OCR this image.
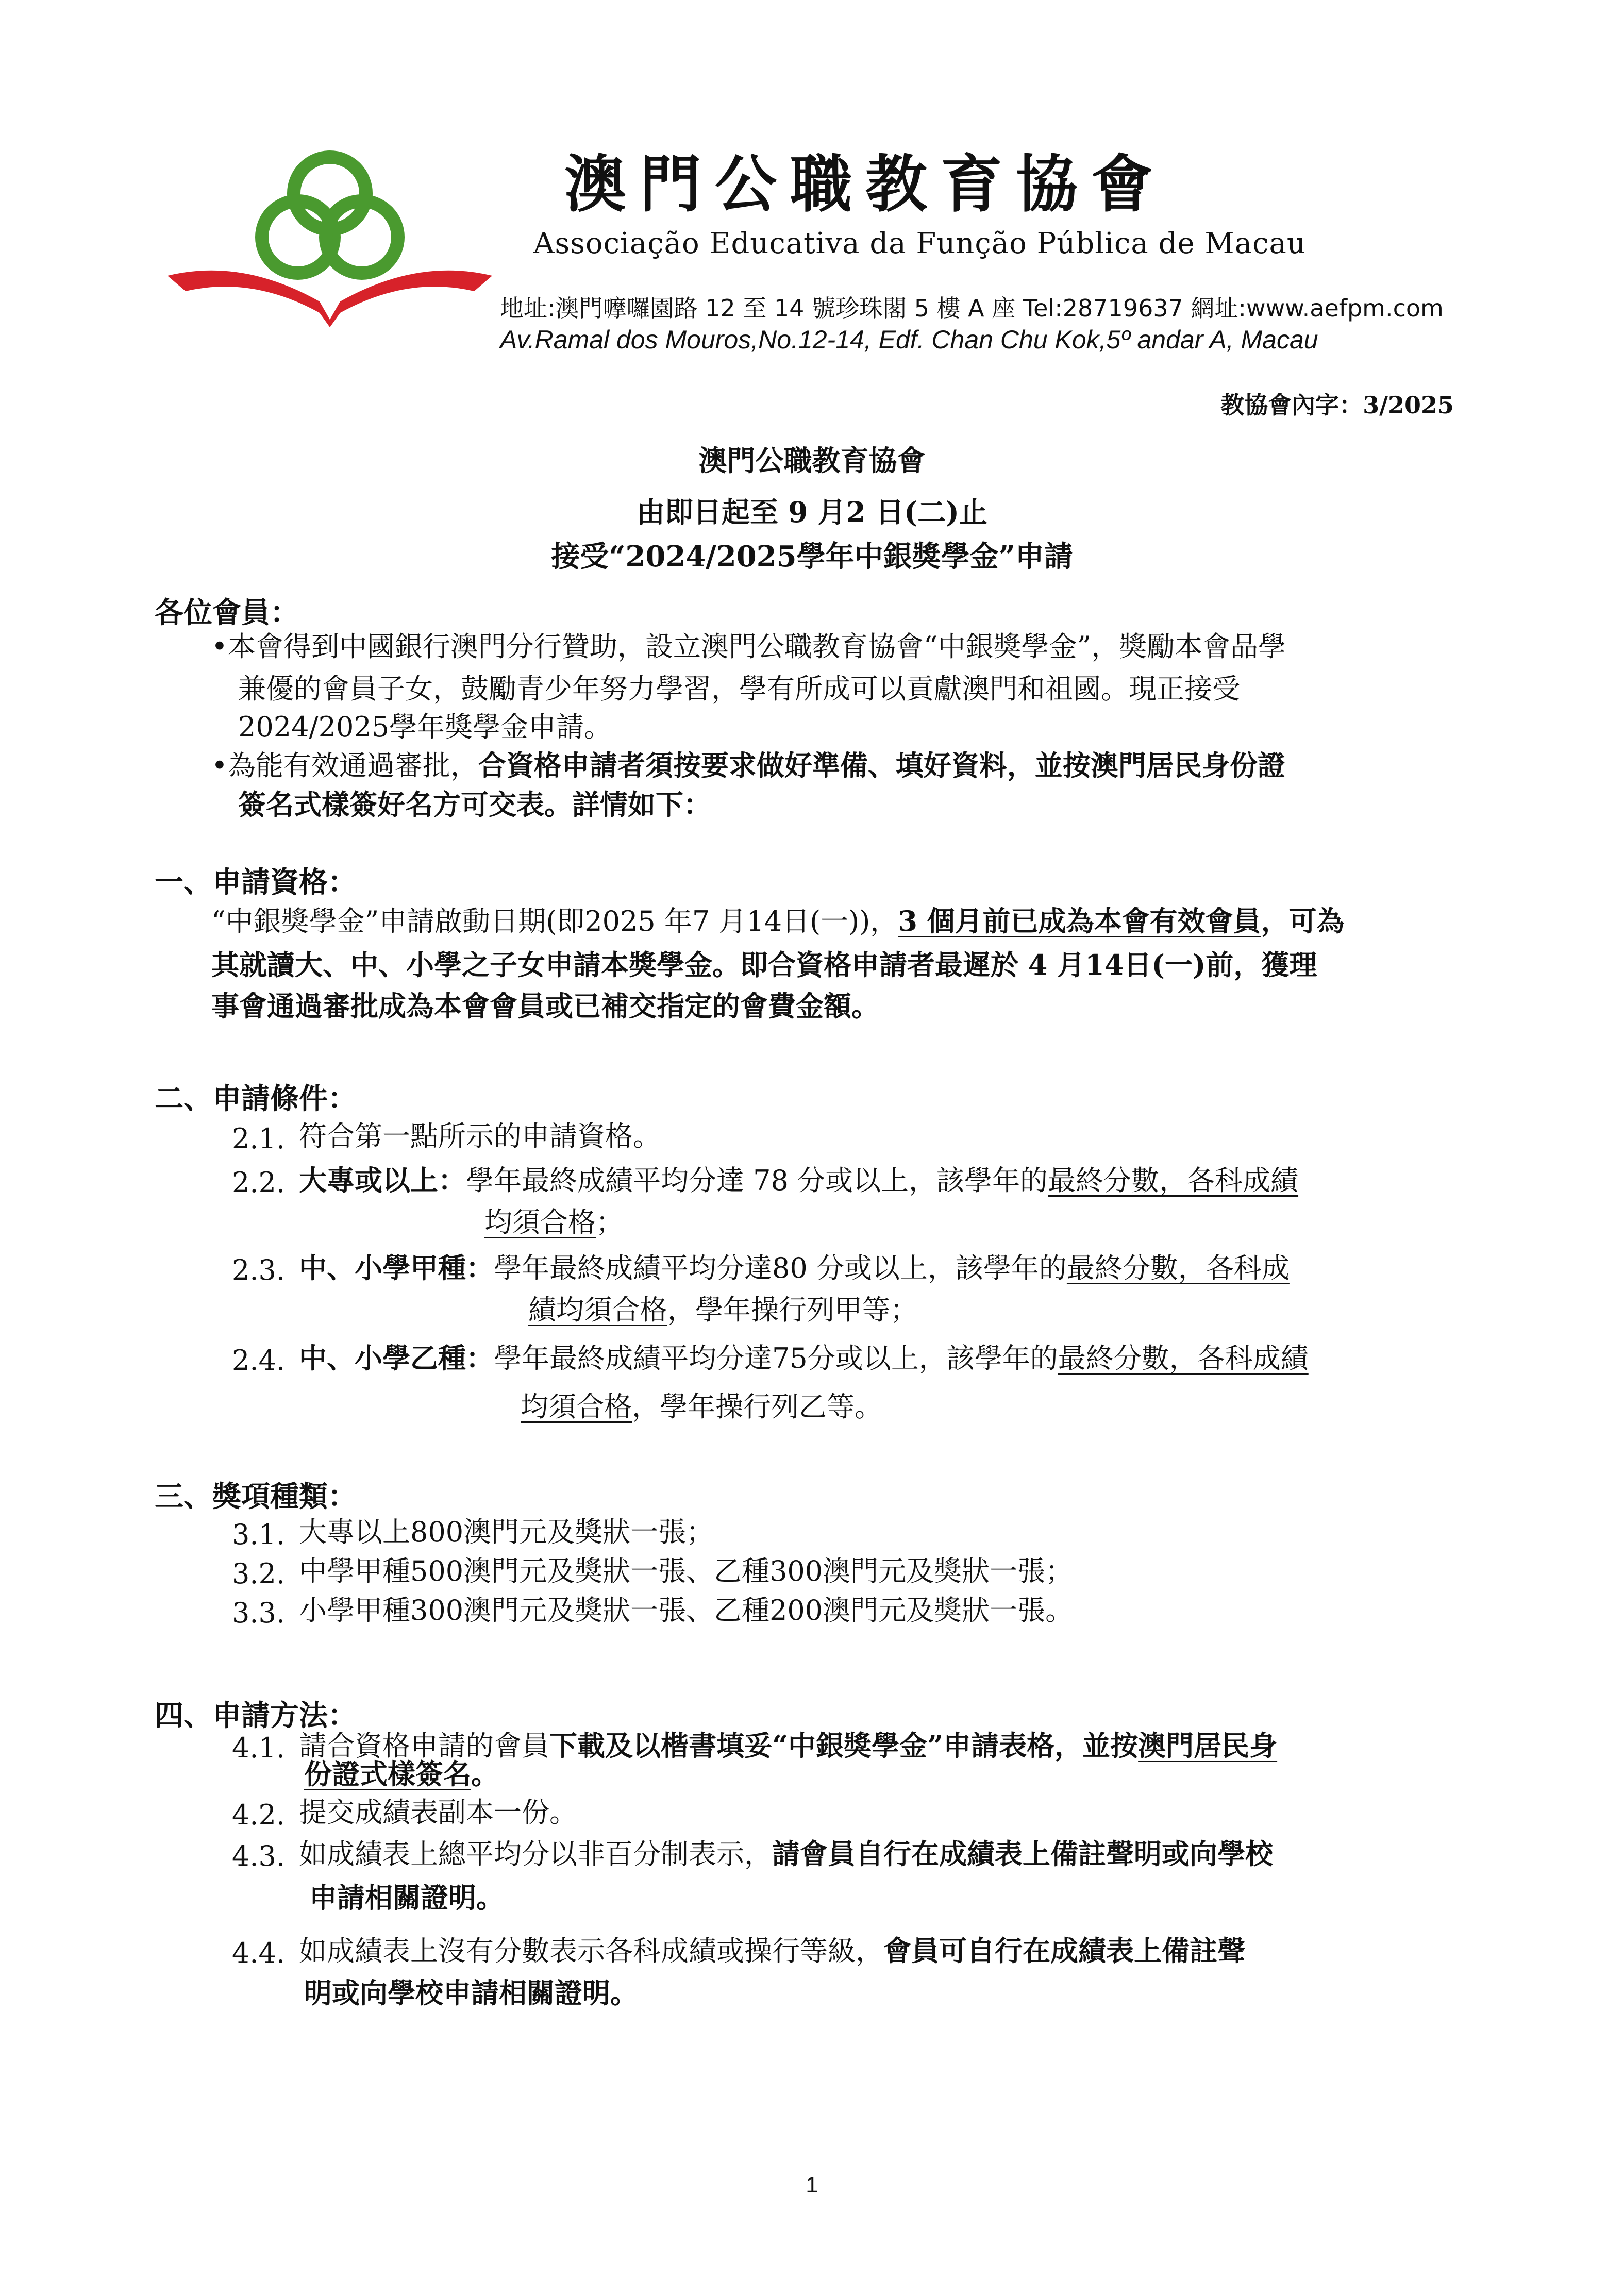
澳門公職教育協會
Associação Educativa da Função Pública de Macau
地址:澳門嚤囉園路 12 至 14 號珍珠閣 5 樓 A 座 Tel:28719637 網址:www.aefpm.com
Av.Ramal dos Mouros,No.12-14, Edf. Chan Chu Kok,5º andar A, Macau
教協會內字：3/2025
澳門公職教育協會
由即日起至 9 月2 日(二)止
接受“2024/2025學年中銀獎學金”申請
各位會員：
•本會得到中國銀行澳門分行贊助，設立澳門公職教育協會“中銀獎學金”，獎勵本會品學
兼優的會員子女，鼓勵青少年努力學習，學有所成可以貢獻澳門和祖國。現正接受
2024/2025學年獎學金申請。
•為能有效通過審批，合資格申請者須按要求做好準備、填好資料，並按澳門居民身份證
簽名式樣簽好名方可交表。詳情如下：
一、申請資格：
“中銀獎學金”申請啟動日期(即2025 年7 月14日(一))，3 個月前已成為本會有效會員，可為
其就讀大、中、小學之子女申請本獎學金。即合資格申請者最遲於 4 月14日(一)前，獲理
事會通過審批成為本會會員或已補交指定的會費金額。
二、申請條件：
2.1. 符合第一點所示的申請資格。
2.2. 大專或以上：學年最終成績平均分達 78 分或以上，該學年的最終分數，各科成績
均須合格；
2.3. 中、小學甲種：學年最終成績平均分達80 分或以上，該學年的最終分數，各科成
績均須合格，學年操行列甲等；
2.4. 中、小學乙種：學年最終成績平均分達75分或以上，該學年的最終分數，各科成績
均須合格，學年操行列乙等。
三、獎項種類：
3.1. 大專以上800澳門元及獎狀一張；
3.2. 中學甲種500澳門元及獎狀一張、乙種300澳門元及獎狀一張；
3.3. 小學甲種300澳門元及獎狀一張、乙種200澳門元及獎狀一張。
四、申請方法：
4.1. 請合資格申請的會員下載及以楷書填妥“中銀獎學金”申請表格，並按澳門居民身
份證式樣簽名。
4.2. 提交成績表副本一份。
4.3. 如成績表上總平均分以非百分制表示，請會員自行在成績表上備註聲明或向學校
申請相關證明。
4.4. 如成績表上沒有分數表示各科成績或操行等級，會員可自行在成績表上備註聲
明或向學校申請相關證明。
1
